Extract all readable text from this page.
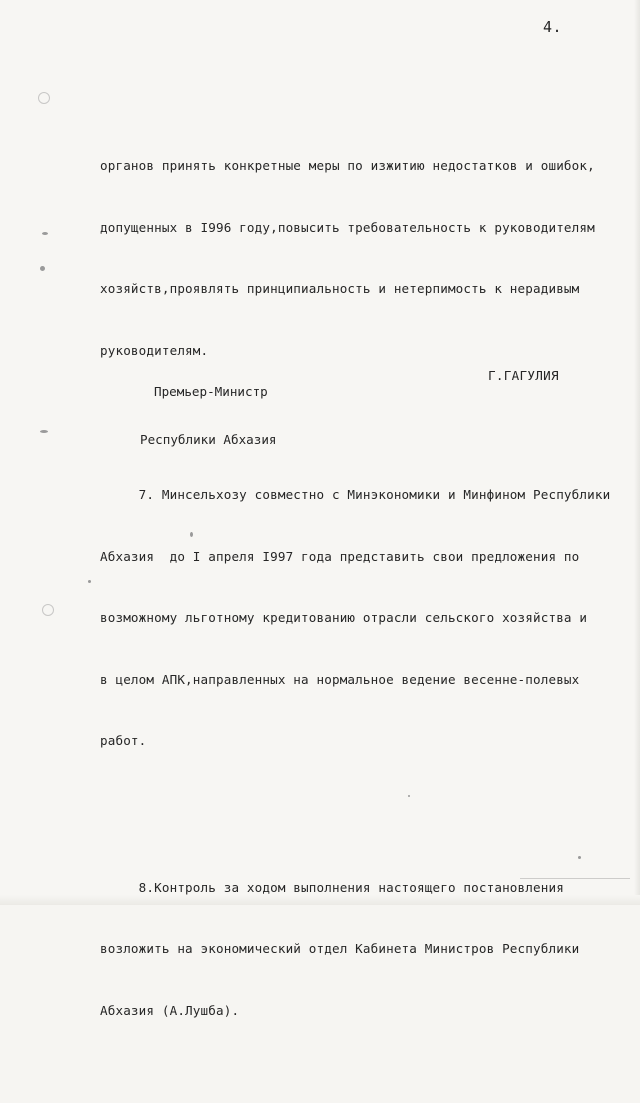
4.

органов принять конкретные меры по изжитию недостатков и ошибок,

допущенных в I996 году,повысить требовательность к руководителям

хозяйств,проявлять принципиальность и нетерпимость к нерадивым

руководителям.

7. Минсельхозу совместно с Минэкономики и Минфином Республики

Абхазия  до I апреля I997 года представить свои предложения по

возможному льготному кредитованию отрасли сельского хозяйства и

в целом АПК,направленных на нормальное ведение весенне-полевых

работ.

8.Контроль за ходом выполнения настоящего постановления

возложить на экономический отдел Кабинета Министров Республики

Абхазия (А.Лушба).

Премьер-Министр

Республики Абхазия

Г.ГАГУЛИЯ
